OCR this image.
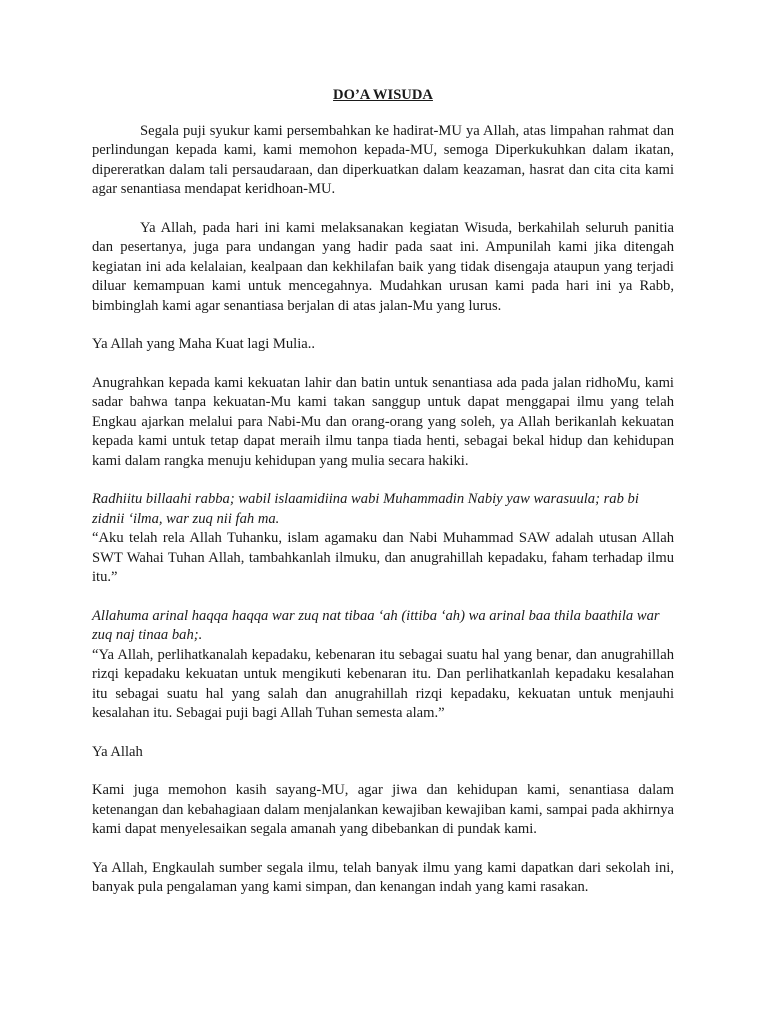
DO’A WISUDA

Segala puji syukur kami persembahkan ke hadirat-MU ya Allah, atas limpahan rahmat dan perlindungan kepada kami, kami memohon kepada-MU, semoga Diperkukuhkan dalam ikatan, dipereratkan dalam tali persaudaraan, dan diperkuatkan dalam keazaman, hasrat dan cita cita kami agar senantiasa mendapat keridhoan-MU.

Ya Allah, pada hari ini kami melaksanakan kegiatan Wisuda, berkahilah seluruh panitia dan pesertanya, juga para undangan yang hadir pada saat ini. Ampunilah kami jika ditengah kegiatan ini ada kelalaian, kealpaan dan kekhilafan baik yang tidak disengaja ataupun yang terjadi diluar kemampuan kami untuk mencegahnya. Mudahkan urusan kami pada hari ini ya Rabb, bimbinglah kami agar senantiasa berjalan di atas jalan-Mu yang lurus.

Ya Allah yang Maha Kuat lagi Mulia..

Anugrahkan kepada kami kekuatan lahir dan batin untuk senantiasa ada pada jalan ridhoMu, kami sadar bahwa tanpa kekuatan-Mu kami takan sanggup untuk dapat menggapai ilmu yang telah Engkau ajarkan melalui para Nabi-Mu dan orang-orang yang soleh, ya Allah berikanlah kekuatan kepada kami untuk tetap dapat meraih ilmu tanpa tiada henti, sebagai bekal hidup dan kehidupan kami dalam rangka menuju kehidupan yang mulia secara hakiki.

Radhiitu billaahi rabba; wabil islaamidiina wabi Muhammadin Nabiy yaw warasuula; rab bi zidnii ‘ilma, war zuq nii fah ma.

“Aku telah rela Allah Tuhanku, islam agamaku dan Nabi Muhammad SAW adalah utusan Allah SWT Wahai Tuhan Allah, tambahkanlah ilmuku, dan anugrahillah kepadaku, faham terhadap ilmu itu.”

Allahuma arinal haqqa haqqa war zuq nat tibaa ‘ah (ittiba ‘ah) wa arinal baa thila baathila war zuq naj tinaa bah;.

“Ya Allah, perlihatkanalah kepadaku, kebenaran itu sebagai suatu hal yang benar, dan anugrahillah rizqi kepadaku kekuatan untuk mengikuti kebenaran itu. Dan perlihatkanlah kepadaku kesalahan itu sebagai suatu hal yang salah dan anugrahillah rizqi kepadaku, kekuatan untuk menjauhi kesalahan itu. Sebagai puji bagi Allah Tuhan semesta alam.”

Ya Allah

Kami juga memohon kasih sayang-MU, agar jiwa dan kehidupan kami, senantiasa dalam ketenangan dan kebahagiaan dalam menjalankan kewajiban kewajiban kami, sampai pada akhirnya kami dapat menyelesaikan segala amanah yang dibebankan di pundak kami.

Ya Allah, Engkaulah sumber segala ilmu, telah banyak ilmu yang kami dapatkan dari sekolah ini, banyak pula pengalaman yang kami simpan, dan kenangan indah yang kami rasakan.
